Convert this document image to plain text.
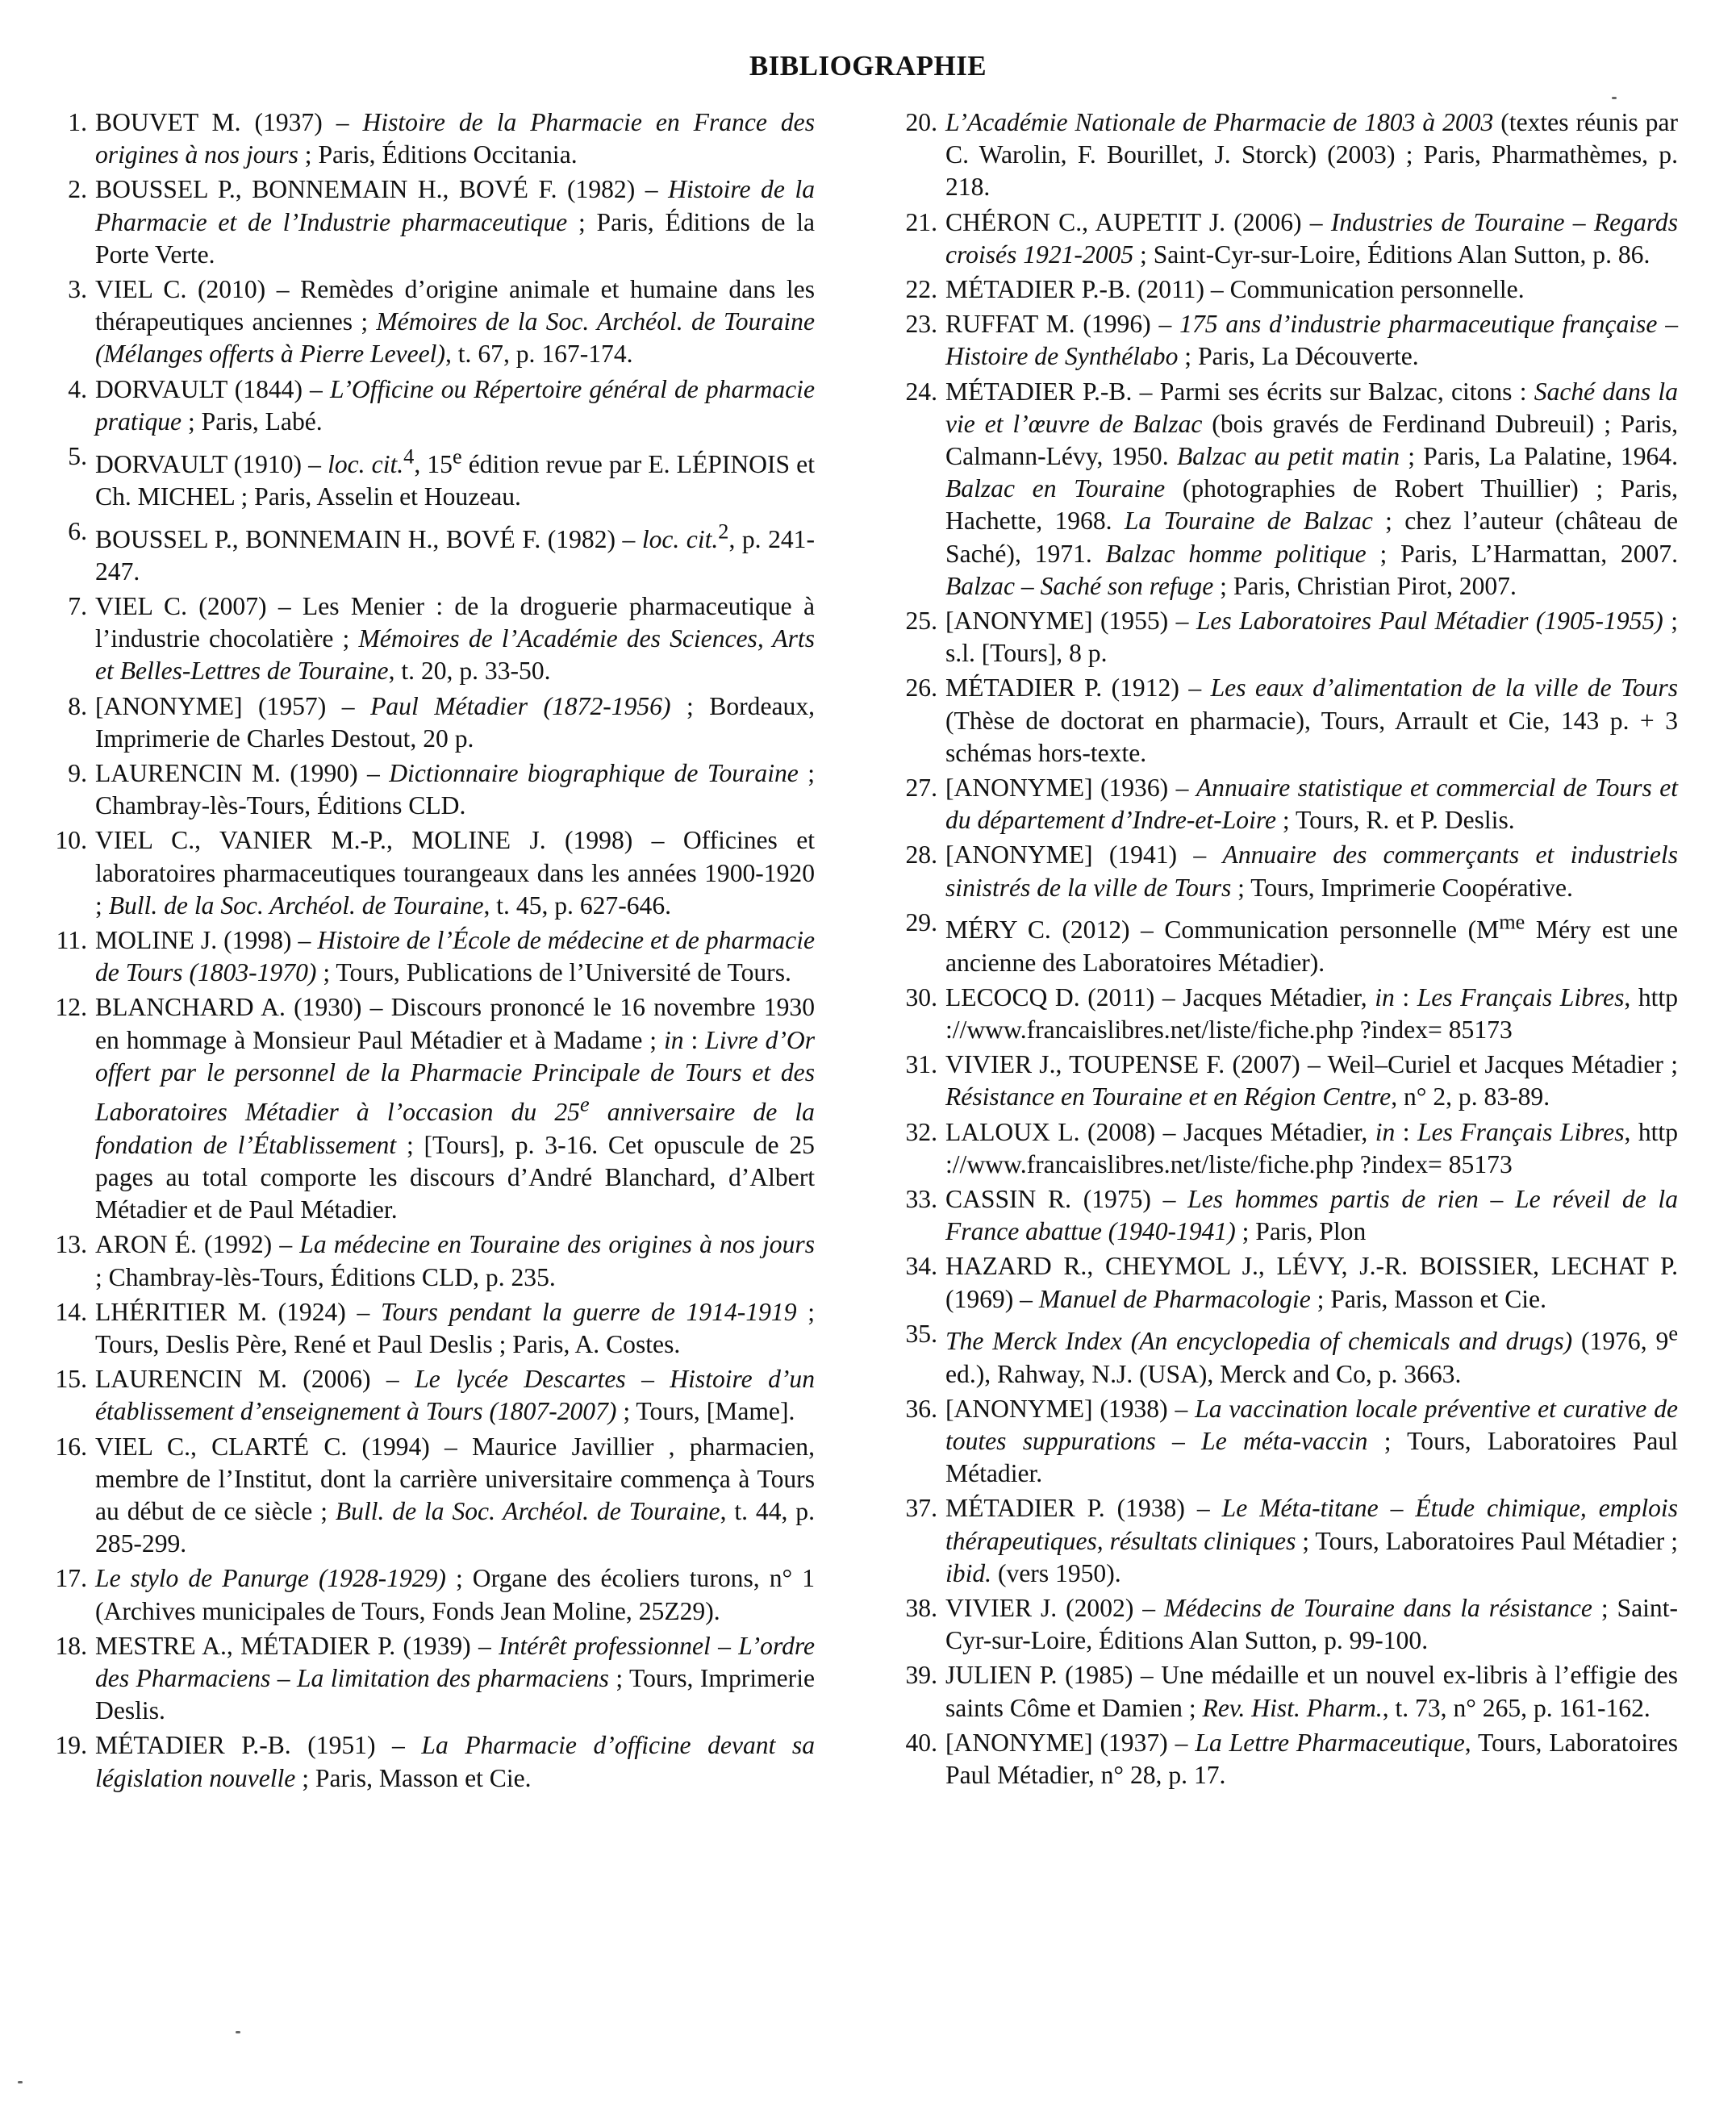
BIBLIOGRAPHIE
1. BOUVET M. (1937) – Histoire de la Pharmacie en France des origines à nos jours ; Paris, Éditions Occitania.
2. BOUSSEL P., BONNEMAIN H., BOVÉ F. (1982) – Histoire de la Pharmacie et de l’Industrie pharmaceutique ; Paris, Éditions de la Porte Verte.
3. VIEL C. (2010) – Remèdes d’origine animale et humaine dans les thérapeutiques anciennes ; Mémoires de la Soc. Archéol. de Touraine (Mélanges offerts à Pierre Leveel), t. 67, p. 167-174.
4. DORVAULT (1844) – L’Officine ou Répertoire général de pharmacie pratique ; Paris, Labé.
5. DORVAULT (1910) – loc. cit.$^4$, 15e édition revue par E. LÉPINOIS et Ch. MICHEL ; Paris, Asselin et Houzeau.
6. BOUSSEL P., BONNEMAIN H., BOVÉ F. (1982) – loc. cit.$^2$, p. 241-247.
7. VIEL C. (2007) – Les Menier : de la droguerie pharmaceutique à l’industrie chocolatière ; Mémoires de l’Académie des Sciences, Arts et Belles-Lettres de Touraine, t. 20, p. 33-50.
8. [ANONYME] (1957) – Paul Métadier (1872-1956) ; Bordeaux, Imprimerie de Charles Destout, 20 p.
9. LAURENCIN M. (1990) – Dictionnaire biographique de Touraine ; Chambray-lès-Tours, Éditions CLD.
10. VIEL C., VANIER M.-P., MOLINE J. (1998) – Officines et laboratoires pharmaceutiques tourangeaux dans les années 1900-1920 ; Bull. de la Soc. Archéol. de Touraine, t. 45, p. 627-646.
11. MOLINE J. (1998) – Histoire de l’École de médecine et de pharmacie de Tours (1803-1970) ; Tours, Publications de l’Université de Tours.
12. BLANCHARD A. (1930) – Discours prononcé le 16 novembre 1930 en hommage à Monsieur Paul Métadier et à Madame ; in : Livre d’Or offert par le personnel de la Pharmacie Principale de Tours et des Laboratoires Métadier à l’occasion du 25e anniversaire de la fondation de l’Établissement ; [Tours], p. 3-16. Cet opuscule de 25 pages au total comporte les discours d’André Blanchard, d’Albert Métadier et de Paul Métadier.
13. ARON É. (1992) – La médecine en Touraine des origines à nos jours ; Chambray-lès-Tours, Éditions CLD, p. 235.
14. LHÉRITIER M. (1924) – Tours pendant la guerre de 1914-1919 ; Tours, Deslis Père, René et Paul Deslis ; Paris, A. Costes.
15. LAURENCIN M. (2006) – Le lycée Descartes – Histoire d’un établissement d’enseignement à Tours (1807-2007) ; Tours, [Mame].
16. VIEL C., CLARTÉ C. (1994) – Maurice Javillier , pharmacien, membre de l’Institut, dont la carrière universitaire commença à Tours au début de ce siècle ; Bull. de la Soc. Archéol. de Touraine, t. 44, p. 285-299.
17. Le stylo de Panurge (1928-1929) ; Organe des écoliers turons, n° 1 (Archives municipales de Tours, Fonds Jean Moline, 25Z29).
18. MESTRE A., MÉTADIER P. (1939) – Intérêt professionnel – L’ordre des Pharmaciens – La limitation des pharmaciens ; Tours, Imprimerie Deslis.
19. MÉTADIER P.-B. (1951) – La Pharmacie d’officine devant sa législation nouvelle ; Paris, Masson et Cie.
20. L’Académie Nationale de Pharmacie de 1803 à 2003 (textes réunis par C. Warolin, F. Bourillet, J. Storck) (2003) ; Paris, Pharmathèmes, p. 218.
21. CHÉRON C., AUPETIT J. (2006) – Industries de Touraine – Regards croisés 1921-2005 ; Saint-Cyr-sur-Loire, Éditions Alan Sutton, p. 86.
22. MÉTADIER P.-B. (2011) – Communication personnelle.
23. RUFFAT M. (1996) – 175 ans d’industrie pharmaceutique française – Histoire de Synthélabo ; Paris, La Découverte.
24. MÉTADIER P.-B. – Parmi ses écrits sur Balzac, citons : Saché dans la vie et l’œuvre de Balzac (bois gravés de Ferdinand Dubreuil) ; Paris, Calmann-Lévy, 1950. Balzac au petit matin ; Paris, La Palatine, 1964. Balzac en Touraine (photographies de Robert Thuillier) ; Paris, Hachette, 1968. La Touraine de Balzac ; chez l’auteur (château de Saché), 1971. Balzac homme politique ; Paris, L’Harmattan, 2007. Balzac – Saché son refuge ; Paris, Christian Pirot, 2007.
25. [ANONYME] (1955) – Les Laboratoires Paul Métadier (1905-1955) ; s.l. [Tours], 8 p.
26. MÉTADIER P. (1912) – Les eaux d’alimentation de la ville de Tours (Thèse de doctorat en pharmacie), Tours, Arrault et Cie, 143 p. + 3 schémas hors-texte.
27. [ANONYME] (1936) – Annuaire statistique et commercial de Tours et du département d’Indre-et-Loire ; Tours, R. et P. Deslis.
28. [ANONYME] (1941) – Annuaire des commerçants et industriels sinistrés de la ville de Tours ; Tours, Imprimerie Coopérative.
29. MÉRY C. (2012) – Communication personnelle ($M^{me}$ Méry est une ancienne des Laboratoires Métadier).
30. LECOCQ D. (2011) – Jacques Métadier, in : Les Français Libres, http ://www.francaislibres.net/liste/fiche.php ?index= 85173
31. VIVIER J., TOUPENSE F. (2007) – Weil–Curiel et Jacques Métadier ; Résistance en Touraine et en Région Centre, n° 2, p. 83-89.
32. LALOUX L. (2008) – Jacques Métadier, in : Les Français Libres, http ://www.francaislibres.net/liste/fiche.php ?index= 85173
33. CASSIN R. (1975) – Les hommes partis de rien – Le réveil de la France abattue (1940-1941) ; Paris, Plon
34. HAZARD R., CHEYMOL J., LÉVY, J.-R. BOISSIER, LECHAT P. (1969) – Manuel de Pharmacologie ; Paris, Masson et Cie.
35. The Merck Index (An encyclopedia of chemicals and drugs) (1976, 9e ed.), Rahway, N.J. (USA), Merck and Co, p. 3663.
36. [ANONYME] (1938) – La vaccination locale préventive et curative de toutes suppurations – Le méta-vaccin ; Tours, Laboratoires Paul Métadier.
37. MÉTADIER P. (1938) – Le Méta-titane – Étude chimique, emplois thérapeutiques, résultats cliniques ; Tours, Laboratoires Paul Métadier ; ibid. (vers 1950).
38. VIVIER J. (2002) – Médecins de Touraine dans la résistance ; Saint-Cyr-sur-Loire, Éditions Alan Sutton, p. 99-100.
39. JULIEN P. (1985) – Une médaille et un nouvel ex-libris à l’effigie des saints Côme et Damien ; Rev. Hist. Pharm., t. 73, n° 265, p. 161-162.
40. [ANONYME] (1937) – La Lettre Pharmaceutique, Tours, Laboratoires Paul Métadier, n° 28, p. 17.
